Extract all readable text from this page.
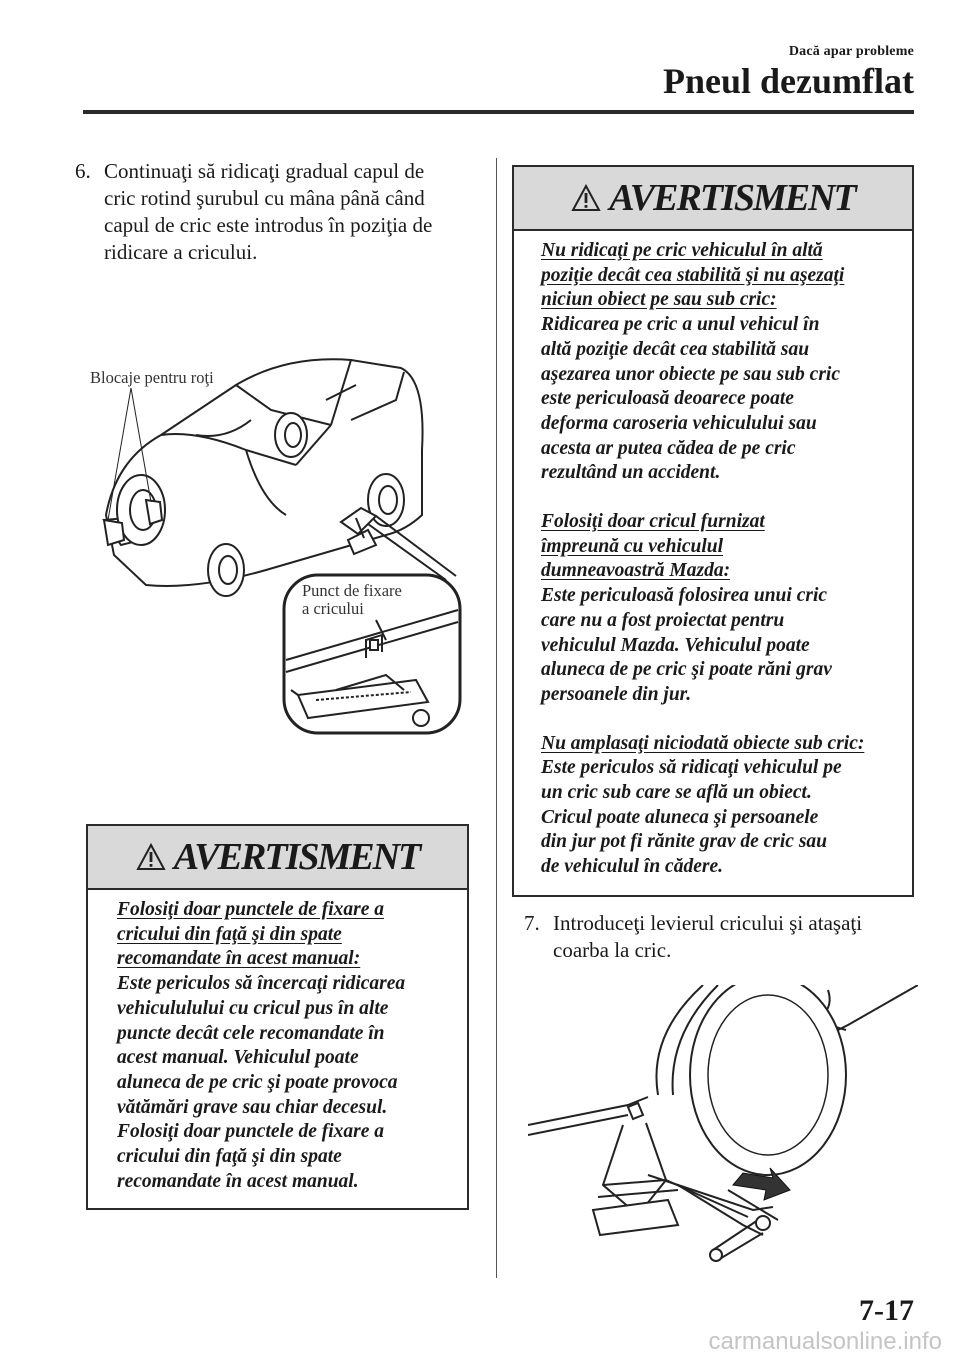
Dacă apar probleme
Pneul dezumflat
6. Continuaţi să ridicaţi gradual capul de
cric rotind şurubul cu mâna până când
capul de cric este introdus în poziţia de
ridicare a cricului.
Blocaje pentru roţi
Punct de fixare
a cricului
AVERTISMENT

Folosiţi doar punctele de fixare a

cricului din faţă şi din spate

recomandate în acest manual:

Este periculos să încercaţi ridicarea

vehicululului cu cricul pus în alte

puncte decât cele recomandate în

acest manual. Vehiculul poate

aluneca de pe cric şi poate provoca

vătămări grave sau chiar decesul.

Folosiţi doar punctele de fixare a

cricului din faţă şi din spate

recomandate în acest manual.

AVERTISMENT

Nu ridicaţi pe cric vehiculul în altă

poziţie decât cea stabilită şi nu aşezaţi

niciun obiect pe sau sub cric:

Ridicarea pe cric a unul vehicul în

altă poziţie decât cea stabilită sau

aşezarea unor obiecte pe sau sub cric

este periculoasă deoarece poate

deforma caroseria vehiculului sau

acesta ar putea cădea de pe cric

rezultând un accident.

Folosiţi doar cricul furnizat

împreună cu vehiculul

dumneavoastră Mazda:

Este periculoasă folosirea unui cric

care nu a fost proiectat pentru

vehiculul Mazda. Vehiculul poate

aluneca de pe cric şi poate răni grav

persoanele din jur.

Nu amplasaţi niciodată obiecte sub cric:

Este periculos să ridicaţi vehiculul pe

un cric sub care se află un obiect.

Cricul poate aluneca şi persoanele

din jur pot fi rănite grav de cric sau

de vehiculul în cădere.

7. Introduceţi levierul cricului şi ataşaţi
coarba la cric.
7-17
carmanualsonline.info
